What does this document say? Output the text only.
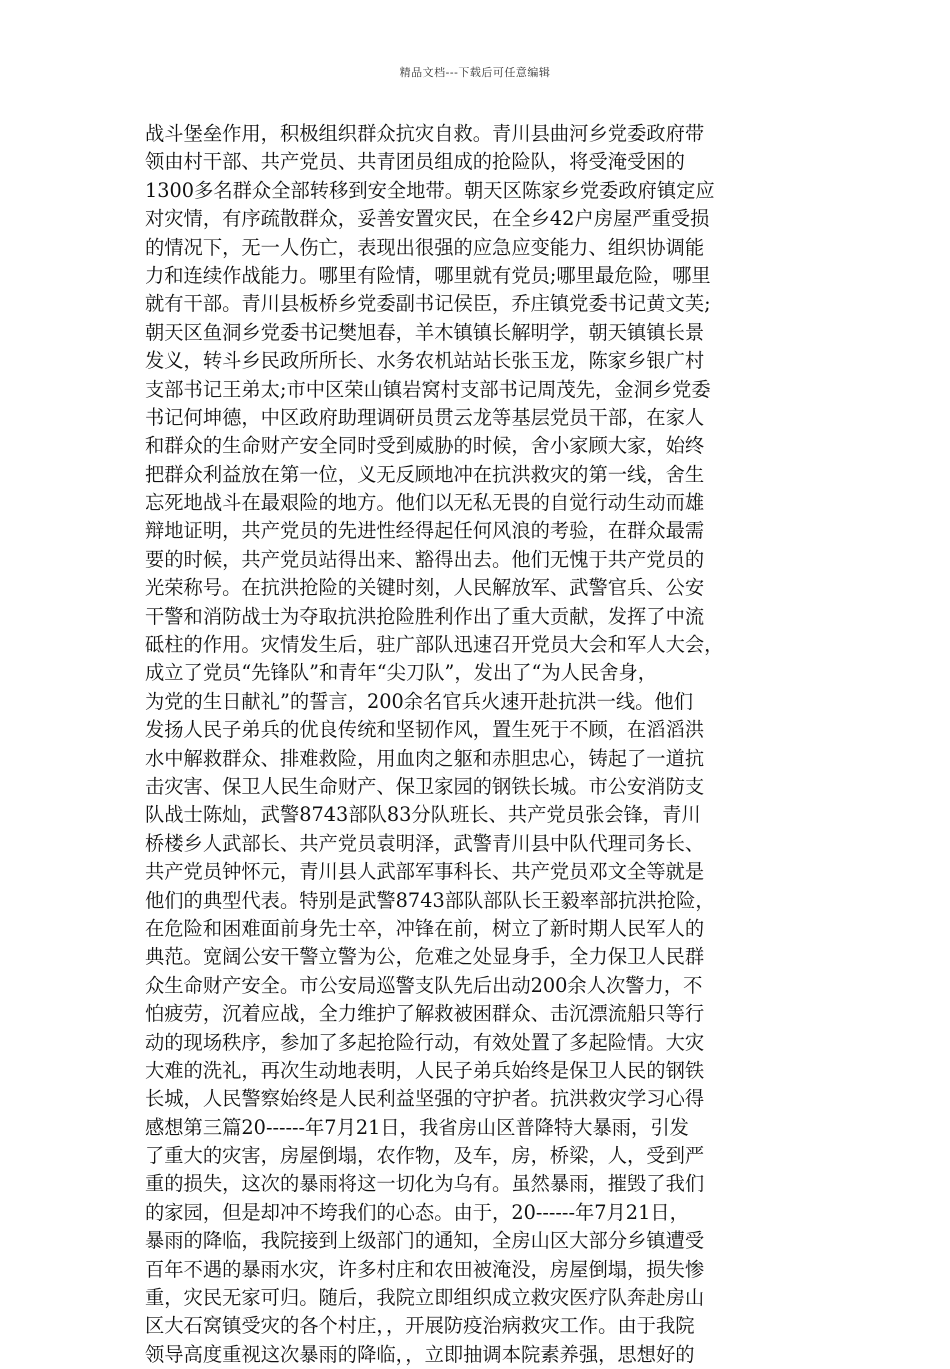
精品文档---下载后可任意编辑
战斗堡垒作用，积极组织群众抗灾自救。青川县曲河乡党委政府带
领由村干部、共产党员、共青团员组成的抢险队，将受淹受困的
1300多名群众全部转移到安全地带。朝天区陈家乡党委政府镇定应
对灾情，有序疏散群众，妥善安置灾民，在全乡42户房屋严重受损
的情况下，无一人伤亡，表现出很强的应急应变能力、组织协调能
力和连续作战能力。哪里有险情，哪里就有党员;哪里最危险，哪里
就有干部。青川县板桥乡党委副书记侯臣，乔庄镇党委书记黄文芙;
朝天区鱼洞乡党委书记樊旭春，羊木镇镇长解明学，朝天镇镇长景
发义，转斗乡民政所所长、水务农机站站长张玉龙，陈家乡银广村
支部书记王弟太;市中区荣山镇岩窝村支部书记周茂先，金洞乡党委
书记何坤德，中区政府助理调研员贯云龙等基层党员干部，在家人
和群众的生命财产安全同时受到威胁的时候，舍小家顾大家，始终
把群众利益放在第一位，义无反顾地冲在抗洪救灾的第一线，舍生
忘死地战斗在最艰险的地方。他们以无私无畏的自觉行动生动而雄
辩地证明，共产党员的先进性经得起任何风浪的考验，在群众最需
要的时候，共产党员站得出来、豁得出去。他们无愧于共产党员的
光荣称号。在抗洪抢险的关键时刻，人民解放军、武警官兵、公安
干警和消防战士为夺取抗洪抢险胜利作出了重大贡献，发挥了中流
砥柱的作用。灾情发生后，驻广部队迅速召开党员大会和军人大会，
成立了党员“先锋队”和青年“尖刀队”，发出了“为人民舍身，
为党的生日献礼”的誓言，200余名官兵火速开赴抗洪一线。他们
发扬人民子弟兵的优良传统和坚韧作风，置生死于不顾，在滔滔洪
水中解救群众、排难救险，用血肉之躯和赤胆忠心，铸起了一道抗
击灾害、保卫人民生命财产、保卫家园的钢铁长城。市公安消防支
队战士陈灿，武警8743部队83分队班长、共产党员张会锋，青川
桥楼乡人武部长、共产党员袁明泽，武警青川县中队代理司务长、
共产党员钟怀元，青川县人武部军事科长、共产党员邓文全等就是
他们的典型代表。特别是武警8743部队部队长王毅率部抗洪抢险，
在危险和困难面前身先士卒，冲锋在前，树立了新时期人民军人的
典范。宽阔公安干警立警为公，危难之处显身手，全力保卫人民群
众生命财产安全。市公安局巡警支队先后出动200余人次警力，不
怕疲劳，沉着应战，全力维护了解救被困群众、击沉漂流船只等行
动的现场秩序，参加了多起抢险行动，有效处置了多起险情。大灾
大难的洗礼，再次生动地表明，人民子弟兵始终是保卫人民的钢铁
长城，人民警察始终是人民利益坚强的守护者。抗洪救灾学习心得
感想第三篇20------年7月21日，我省房山区普降特大暴雨，引发
了重大的灾害，房屋倒塌，农作物，及车，房，桥梁，人，受到严
重的损失，这次的暴雨将这一切化为乌有。虽然暴雨，摧毁了我们
的家园，但是却冲不垮我们的心态。由于，20------年7月21日，
暴雨的降临，我院接到上级部门的通知，全房山区大部分乡镇遭受
百年不遇的暴雨水灾，许多村庄和农田被淹没，房屋倒塌，损失惨
重，灾民无家可归。随后，我院立即组织成立救灾医疗队奔赴房山
区大石窝镇受灾的各个村庄，，开展防疫治病救灾工作。由于我院
领导高度重视这次暴雨的降临，，立即抽调本院素养强，思想好的
